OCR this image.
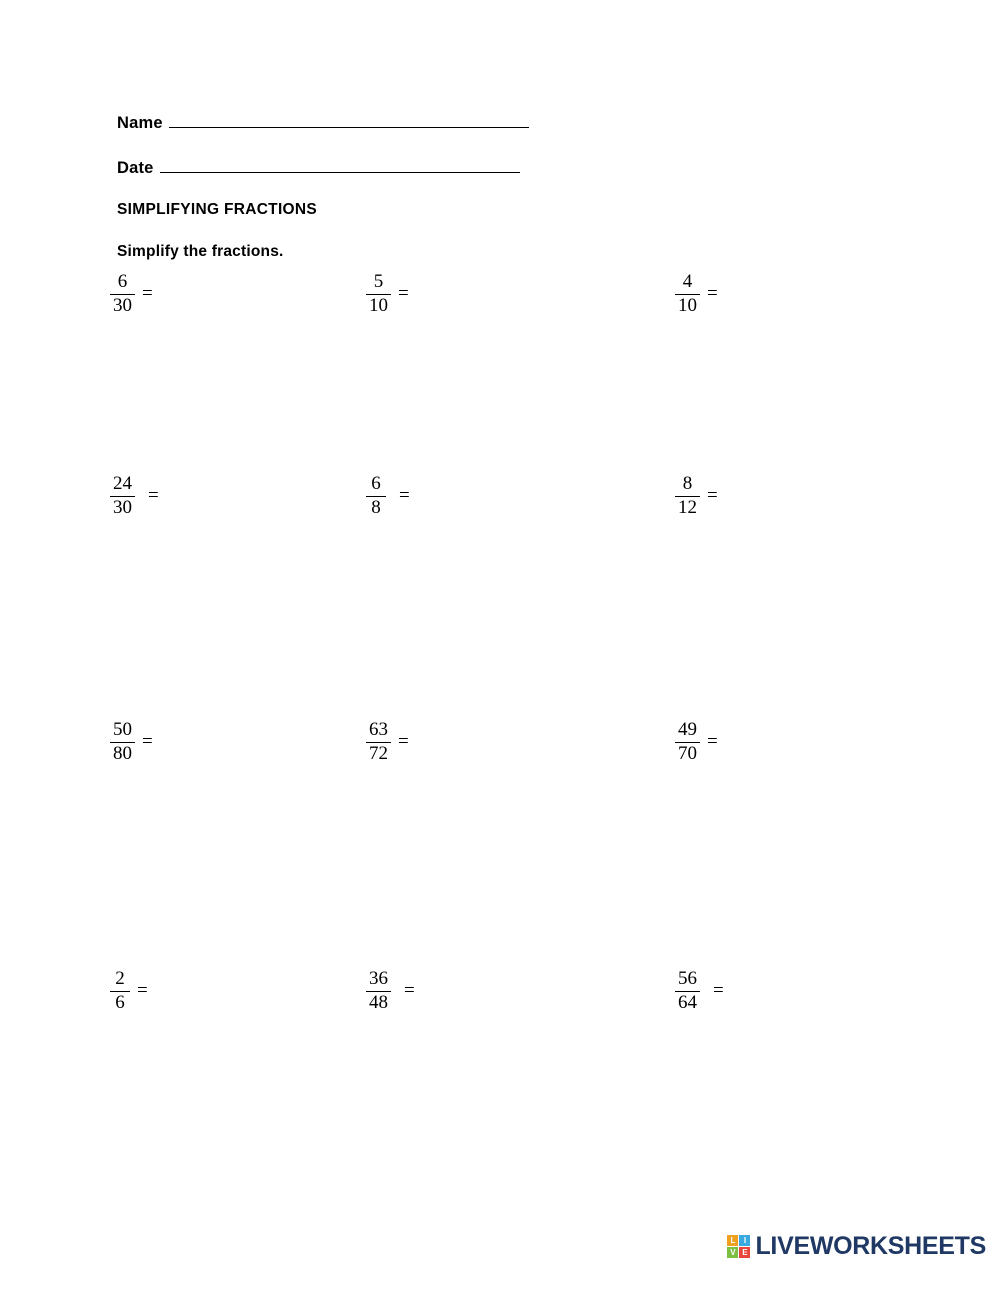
Name
Date
SIMPLIFYING FRACTIONS
Simplify the fractions.
$\frac{6}{30}$ =	$\frac{5}{10}$ =	$\frac{4}{10}$ =
$\frac{24}{30}$ =	$\frac{6}{8}$ =	$\frac{8}{12}$ =
$\frac{50}{80}$ =	$\frac{63}{72}$ =	$\frac{49}{70}$ =
$\frac{2}{6}$ =	$\frac{36}{48}$ =	$\frac{56}{64}$ =
L	I
V E LIVEWORKSHEETS
